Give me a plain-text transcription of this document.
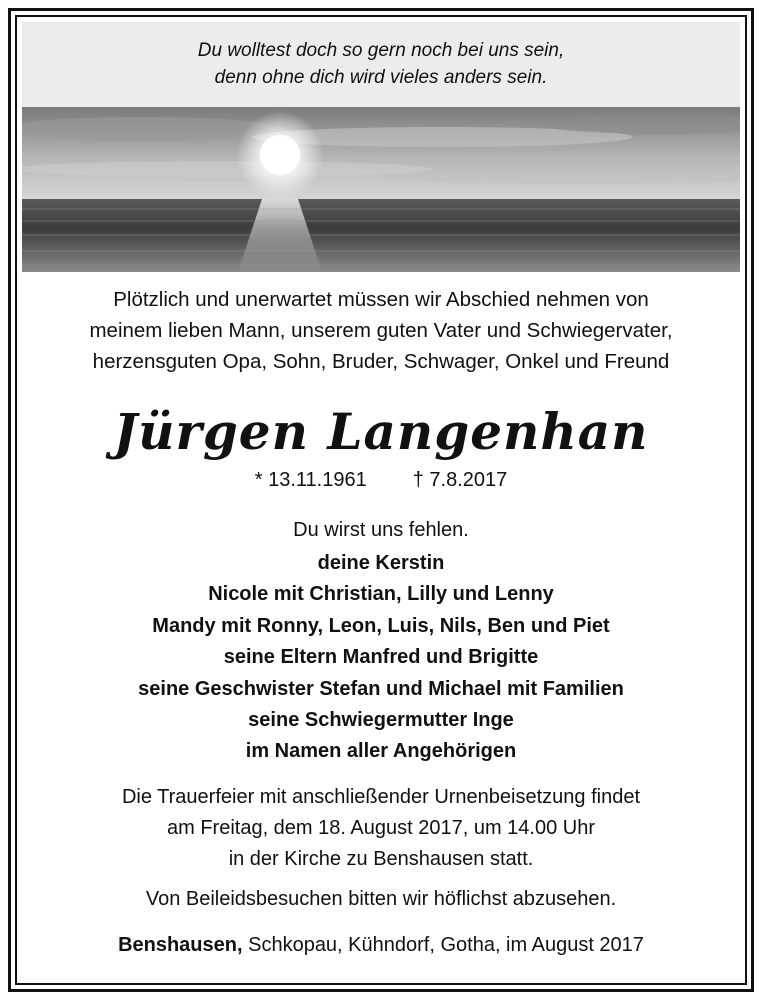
Du wolltest doch so gern noch bei uns sein,
denn ohne dich wird vieles anders sein.
Plötzlich und unerwartet müssen wir Abschied nehmen von
meinem lieben Mann, unserem guten Vater und Schwiegervater,
herzensguten Opa, Sohn, Bruder, Schwager, Onkel und Freund
Jürgen Langenhan
* 13.11.1961 † 7.8.2017
Du wirst uns fehlen.
deine Kerstin
Nicole mit Christian, Lilly und Lenny
Mandy mit Ronny, Leon, Luis, Nils, Ben und Piet
seine Eltern Manfred und Brigitte
seine Geschwister Stefan und Michael mit Familien
seine Schwiegermutter Inge
im Namen aller Angehörigen
Die Trauerfeier mit anschließender Urnenbeisetzung findet
am Freitag, dem 18. August 2017, um 14.00 Uhr
in der Kirche zu Benshausen statt.
Von Beileidsbesuchen bitten wir höflichst abzusehen.
Benshausen, Schkopau, Kühndorf, Gotha, im August 2017
